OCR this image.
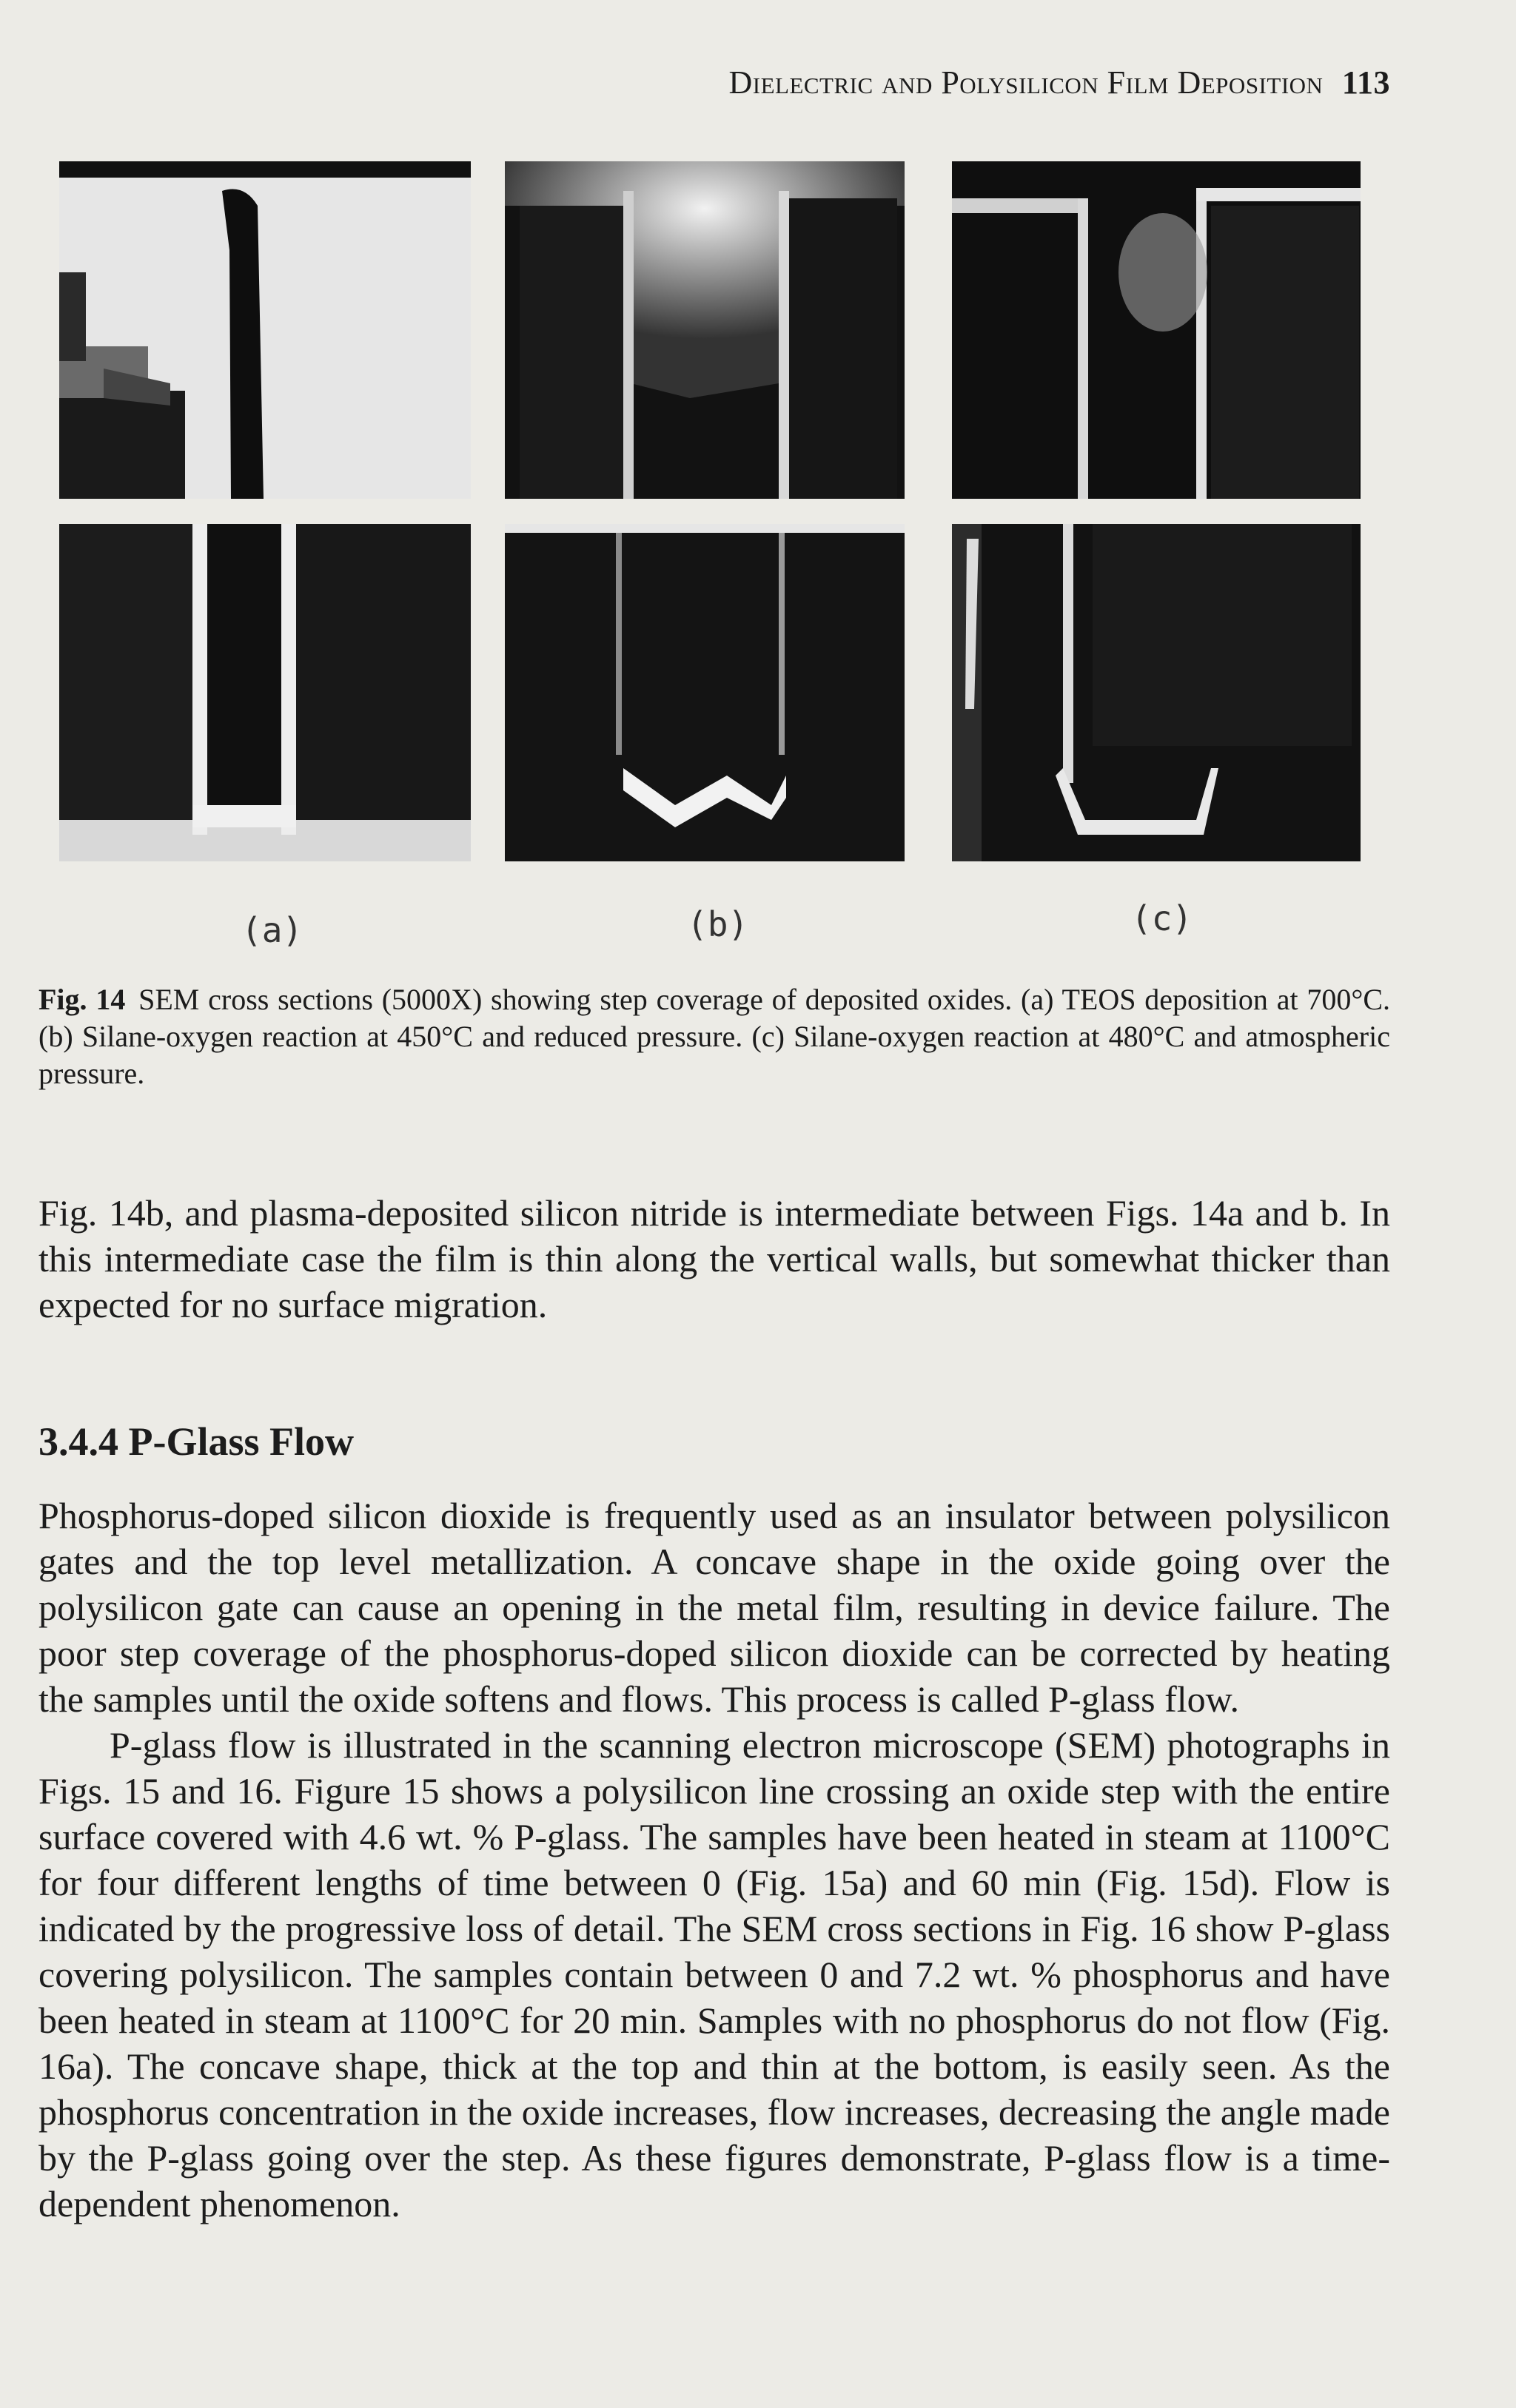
Dielectric and Polysilicon Film Deposition 113
(a)	(b)	(c)
Fig. 14 SEM cross sections (5000X) showing step coverage of deposited oxides. (a) TEOS deposition at 700°C. (b) Silane-oxygen reaction at 450°C and reduced pressure. (c) Silane-oxygen reaction at 480°C and atmospheric pressure.

Fig. 14b, and plasma-deposited silicon nitride is intermediate between Figs. 14a and b. In this intermediate case the film is thin along the vertical walls, but somewhat thicker than expected for no surface migration.

3.4.4 P-Glass Flow

Phosphorus-doped silicon dioxide is frequently used as an insulator between polysilicon gates and the top level metallization. A concave shape in the oxide going over the polysilicon gate can cause an opening in the metal film, resulting in device failure. The poor step coverage of the phosphorus-doped silicon dioxide can be corrected by heating the samples until the oxide softens and flows. This process is called P-glass flow.

P-glass flow is illustrated in the scanning electron microscope (SEM) photographs in Figs. 15 and 16. Figure 15 shows a polysilicon line crossing an oxide step with the entire surface covered with 4.6 wt. % P-glass. The samples have been heated in steam at 1100°C for four different lengths of time between 0 (Fig. 15a) and 60 min (Fig. 15d). Flow is indicated by the progressive loss of detail. The SEM cross sections in Fig. 16 show P-glass covering polysilicon. The samples contain between 0 and 7.2 wt. % phosphorus and have been heated in steam at 1100°C for 20 min. Samples with no phosphorus do not flow (Fig. 16a). The concave shape, thick at the top and thin at the bottom, is easily seen. As the phosphorus concentration in the oxide increases, flow increases, decreasing the angle made by the P-glass going over the step. As these figures demonstrate, P-glass flow is a time-dependent phenomenon.
